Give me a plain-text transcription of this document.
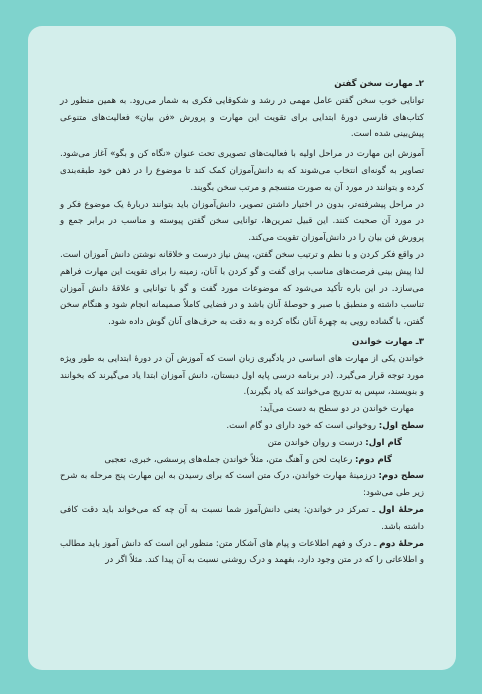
۲ـ مهارت سخن گفتن
توانایی خوب سخن گفتن عامل مهمی در رشد و شکوفایی فکری به شمار می‌رود. به همین منظور در کتاب‌های فارسی دورهٔ ابتدایی برای تقویت این مهارت و پرورش «فن بیان» فعالیت‌های متنوعی پیش‌بینی شده است.
آموزش این مهارت در مراحل اولیه با فعالیت‌های تصویری تحت عنوان «نگاه کن و بگو» آغاز می‌شود. تصاویر به گونه‌ای انتخاب می‌شوند که به دانش‌آموزان کمک کند تا موضوع را در ذهن خود طبقه‌بندی کرده و بتوانند در مورد آن به صورت منسجم و مرتب سخن بگویند.
در مراحل پیشرفته‌تر، بدون در اختیار داشتن تصویر، دانش‌آموزان باید بتوانند دربارهٔ یک موضوع فکر و در مورد آن صحبت کنند. این قبیل تمرین‌ها، توانایی سخن گفتن پیوسته و مناسب در برابر جمع و پرورش فن بیان را در دانش‌آموزان تقویت می‌کند.
در واقع فکر کردن و با نظم و ترتیب سخن گفتن، پیش نیاز درست و خلاقانه نوشتن دانش آموزان است. لذا پیش بینی فرصت‌های مناسب برای گفت و گو کردن با آنان، زمینه را برای تقویت این مهارت فراهم می‌سازد. در این باره تأکید می‌شود که موضوعات مورد گفت و گو با توانایی و علاقهٔ دانش آموزان تناسب داشته و منطبق با صبر و حوصلهٔ آنان باشد و در فضایی کاملاً صمیمانه انجام شود و هنگام سخن گفتن، با گشاده رویی به چهرهٔ آنان نگاه کرده و به دقت به حرف‌های آنان گوش داده شود.
۳ـ مهارت خواندن
خواندن یکی از مهارت های اساسی در یادگیری زبان است که آموزش آن در دورهٔ ابتدایی به طور ویژه مورد توجه قرار می‌گیرد. (در برنامه درسی پایه اول دبستان، دانش آموزان ابتدا یاد می‌گیرند که بخوانند و بنویسند، سپس به تدریج می‌خوانند که یاد بگیرند).
مهارت خواندن در دو سطح به دست می‌آید:
سطح اول: روخوانی است که خود دارای دو گام است.
گام اول: درست و روان خواندن متن
گام دوم: رعایت لحن و آهنگ متن، مثلاً خواندن جمله‌های پرسشی، خبری، تعجبی
سطح دوم: درزمینهٔ مهارت خواندن، درک متن است که برای رسیدن به این مهارت پنج مرحله به شرح زیر طی می‌شود:
مرحلهٔ اول ـ تمرکز در خواندن: یعنی دانش‌آموز شما نسبت به آن چه که می‌خواند باید دقت کافی داشته باشد.
مرحلهٔ دوم ـ درک و فهم اطلاعات و پیام های آشکار متن: منظور این است که دانش آموز باید مطالب و اطلاعاتی را که در متن وجود دارد، بفهمد و درک روشنی نسبت به آن پیدا کند. مثلاً اگر در
